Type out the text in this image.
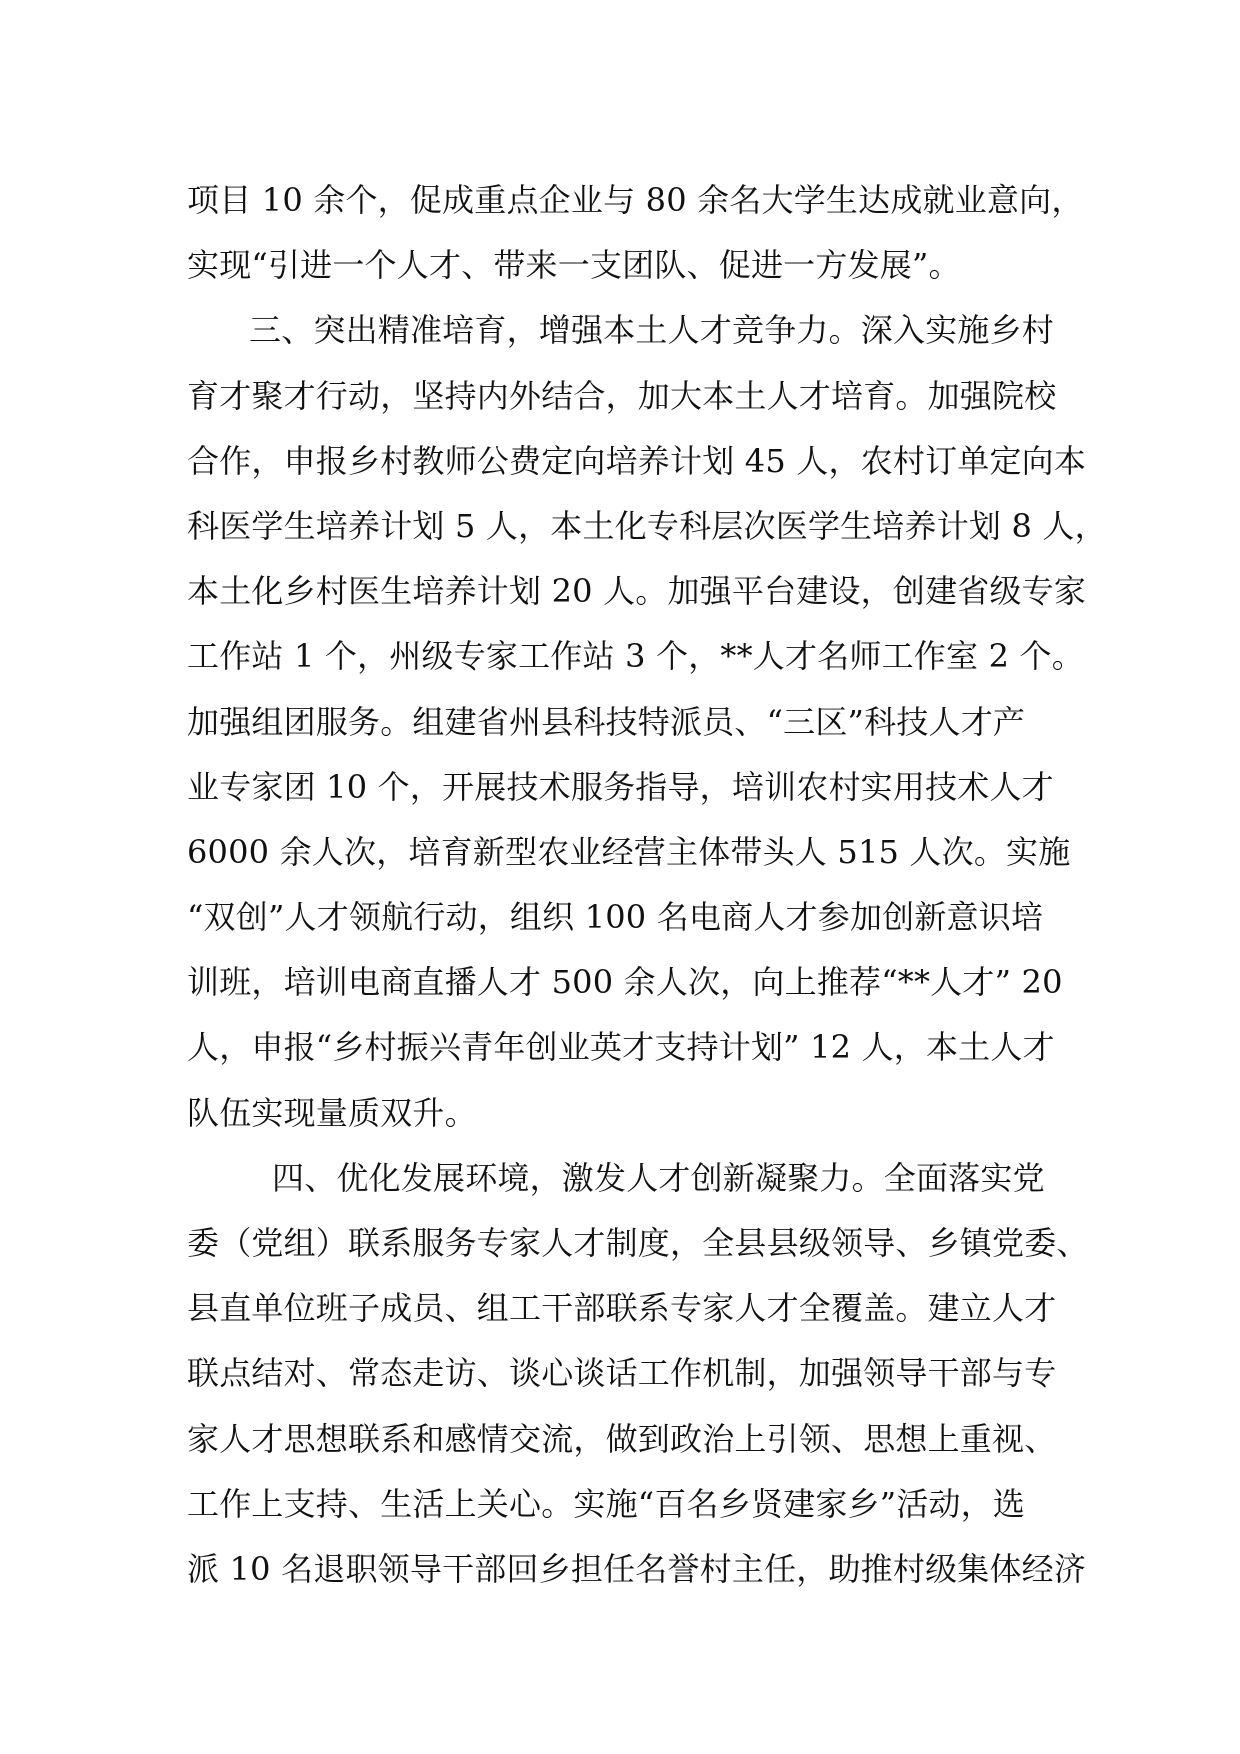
项目 10 余个，促成重点企业与 80 余名大学生达成就业意向，
实现“引进一个人才、带来一支团队、促进一方发展”。
三、突出精准培育，增强本土人才竞争力。深入实施乡村
育才聚才行动，坚持内外结合，加大本土人才培育。加强院校
合作，申报乡村教师公费定向培养计划 45 人，农村订单定向本
科医学生培养计划 5 人，本土化专科层次医学生培养计划 8 人，
本土化乡村医生培养计划 20 人。加强平台建设，创建省级专家
工作站 1 个，州级专家工作站 3 个，**人才名师工作室 2 个。
加强组团服务。组建省州县科技特派员、“三区”科技人才产
业专家团 10 个，开展技术服务指导，培训农村实用技术人才
6000 余人次，培育新型农业经营主体带头人 515 人次。实施
“双创”人才领航行动，组织 100 名电商人才参加创新意识培
训班，培训电商直播人才 500 余人次，向上推荐“**人才” 20
人，申报“乡村振兴青年创业英才支持计划” 12 人，本土人才
队伍实现量质双升。
四、优化发展环境，激发人才创新凝聚力。全面落实党
委（党组）联系服务专家人才制度，全县县级领导、乡镇党委、
县直单位班子成员、组工干部联系专家人才全覆盖。建立人才
联点结对、常态走访、谈心谈话工作机制，加强领导干部与专
家人才思想联系和感情交流，做到政治上引领、思想上重视、
工作上支持、生活上关心。实施“百名乡贤建家乡”活动，选
派 10 名退职领导干部回乡担任名誉村主任，助推村级集体经济
